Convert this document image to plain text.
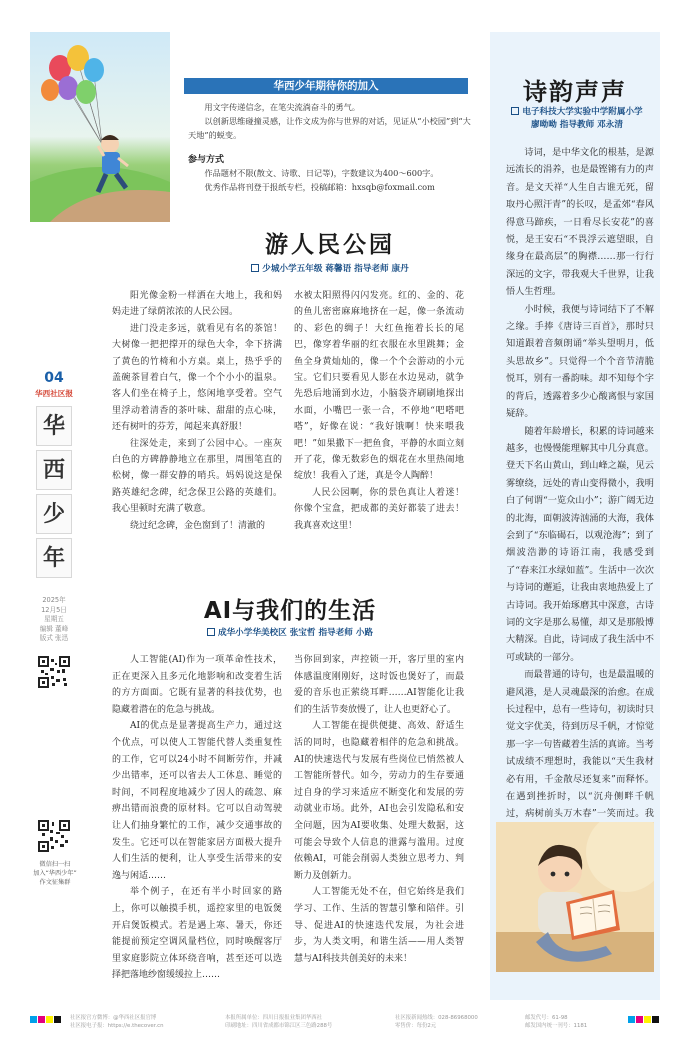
华西少年期待你的加入

用文字传递信念，在笔尖流淌奋斗的勇气。

以创新思维碰撞灵感，让作文成为你与世界的对话，见证从“小校园”到“大天地”的蜕变。

参与方式

作品题材不限(散文、诗歌、日记等)，字数建议为400～600字。

优秀作品将刊登于报纸专栏，投稿邮箱：hxsqb@foxmail.com

04
华西社区报
华
西
少
年
2025年
12月5日
星期五
编辑 董峰
版式 张迅
微信扫一扫
加入“华西少年”
作文征集群
游人民公园
少城小学五年级 蒋馨语 指导老师 康丹

阳光像金粉一样洒在大地上，我和妈妈走进了绿荫浓浓的人民公园。

进门没走多远，就看见有名的茶馆！大树像一把把撑开的绿色大伞，伞下挤满了黄色的竹椅和小方桌。桌上，热乎乎的盖碗茶冒着白气，像一个个小小的温泉。客人们坐在椅子上，悠闲地享受着。空气里浮动着清香的茶叶味、甜甜的点心味，还有树叶的芬芳，闻起来真舒服！

往深处走，来到了公园中心。一座灰白色的方碑静静地立在那里，周围笔直的松树，像一群安静的哨兵。妈妈说这是保路英雄纪念碑，纪念保卫公路的英雄们。我心里顿时充满了敬意。

绕过纪念碑，金色窗到了！清澈的

水被太阳照得闪闪发亮。红的、金的、花的鱼儿密密麻麻地挤在一起，像一条流动的、彩色的绸子！大红鱼拖着长长的尾巴，像穿着华丽的红衣服在水里跳舞；金鱼全身黄灿灿的，像一个个会游动的小元宝。它们只要看见人影在水边晃动，就争先恐后地涌到水边，小脑袋齐刷刷地探出水面，小嘴巴一张一合，不停地“吧嗒吧嗒”，好像在说：“我好饿啊！快来喂我吧！”如果撒下一把鱼食，平静的水面立刻开了花，像无数彩色的烟花在水里热闹地绽放！我看入了迷，真是令人陶醉！

人民公园啊，你的景色真让人着迷！你像个宝盒，把成都的美好都装了进去！我真喜欢这里！

AI与我们的生活
成华小学华美校区 张宝哲 指导老师 小路

人工智能(AI)作为一项革命性技术，正在更深入且多元化地影响和改变着生活的方方面面。它既有显著的科技优势，也隐藏着潜在的危急与挑战。

AI的优点是显著提高生产力，通过这个优点，可以使人工智能代替人类重复性的工作，它可以24小时不间断劳作，并减少出错率，还可以省去人工休息、睡觉的时间，不同程度地减少了因人的疏忽、麻痹出错而浪费的原材料。它可以自动驾驶让人们抽身繁忙的工作，减少交通事故的发生。它还可以在智能家居方面极大提升人们生活的便利，让人享受生活带来的安逸与闲适……

举个例子，在还有半小时回家的路上，你可以触摸手机，遥控家里的电饭煲开启煲饭模式。若是遇上寒、暑天，你还能提前预定空调风量档位，同时唤醒客厅里家庭影院立体环绕音响，甚至还可以选择把落地纱窗缓缓拉上……

当你回到家，声控锁一开，客厅里的室内体感温度刚刚好，这时饭也煲好了，而最爱的音乐也正萦绕耳畔……AI智能化让我们的生活节奏放慢了，让人也更舒心了。

人工智能在提供便捷、高效、舒适生活的同时，也隐藏着相伴的危急和挑战。AI的快速迭代与发展有些岗位已悄然被人工智能所替代。如今，劳动力的生存要通过自身的学习来适应不断变化和发展的劳动就业市场。此外，AI也会引发隐私和安全问题，因为AI要收集、处理大数据，这可能会导致个人信息的泄露与滥用。过度依赖AI，可能会削弱人类独立思考力、判断力及创新力。

人工智能无处不在，但它始终是我们学习、工作、生活的智慧引擎和陪伴。引导、促进AI的快速迭代发展，为社会进步，为人类文明，和谐生活——用人类智慧与AI科技共创美好的未来！

诗韵声声
电子科技大学实验中学附属小学
廖呦呦 指导教师 邓永清

诗词，是中华文化的根基，是源远流长的涓养，也是最铿锵有力的声音。是文天祥“人生自古谁无死，留取丹心照汗青”的长叹，是孟郊“春风得意马蹄疾，一日看尽长安花”的喜悦，是王安石“不畏浮云遮望眼，自缘身在最高层”的胸襟……那一行行深远的文字，带我观大千世界，让我悟人生哲理。

小时候，我便与诗词结下了不解之缘。手捧《唐诗三百首》，那时只知道跟着音频朗诵“举头望明月，低头思故乡”。只觉得一个个音节清脆悦耳，别有一番韵味。却不知每个字的背后，透露着多少心酸离恨与家国疑辞。

随着年龄增长，积累的诗词越来越多，也慢慢能理解其中几分真意。登天下名山黄山，到山峰之巅，见云雾缭绕，远处的青山变得微小，我明白了何谓“一览众山小”；游广阔无边的北海，面朝波涛汹涌的大海，我体会到了“东临碣石，以观沧海”；到了烟波浩渺的诗语江南，我感受到了“春来江水绿如蓝”。生活中一次次与诗词的邂逅，让我由衷地热爱上了古诗词。我开始琢磨其中深意，古诗词的文字是那么易懂，却又是那般博大精深。自此，诗词成了我生活中不可或缺的一部分。

而最普通的诗句，也是最温暖的避风港，是人灵魂最深的治愈。在成长过程中，总有一些诗句，初读时只觉文字优美，待到历尽千帆，才惊觉那一字一句皆藏着生活的真谛。当考试成绩不理想时，我能以“天生我材必有用，千金散尽还复来”而释怀。在遇到挫折时，以“沉舟侧畔千帆过，病树前头万木春”一笑而过。我

社区报官方微博：@华西社区报官博
社区报电子报：https://e.thecover.cn
本报所属单位：四川日报报业集团华西社
印刷地址：四川省成都市锦江区三色路288号
社区报新闻热线：028-86968000
零售价：每份2元
邮发代号：61-98
邮发国内统一刊号：1181
